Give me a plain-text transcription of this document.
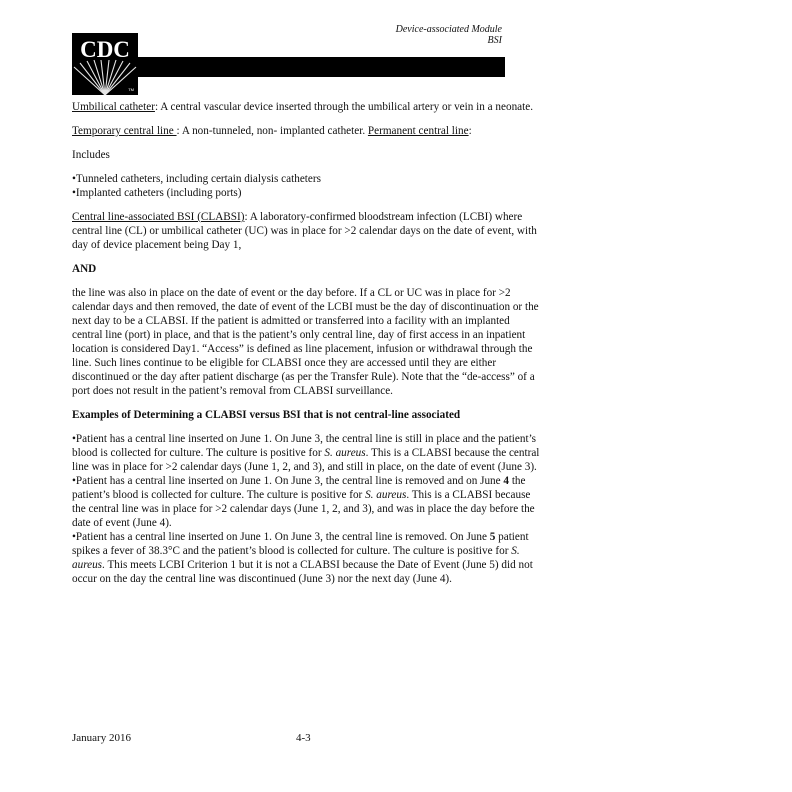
Device-associated Module
BSI
CDC
TM

Umbilical catheter: A central vascular device inserted through the umbilical artery or vein in a neonate.

Temporary central line : A non-tunneled, non- implanted catheter. Permanent central line:

Includes

•Tunneled catheters, including certain dialysis catheters
•Implanted catheters (including ports)

Central line-associated BSI (CLABSI): A laboratory-confirmed bloodstream infection (LCBI) where central line (CL) or umbilical catheter (UC) was in place for >2 calendar days on the date of event, with day of device placement being Day 1,

AND

the line was also in place on the date of event or the day before. If a CL or UC was in place for >2 calendar days and then removed, the date of event of the LCBI must be the day of discontinuation or the next day to be a CLABSI. If the patient is admitted or transferred into a facility with an implanted central line (port) in place, and that is the patient’s only central line, day of first access in an inpatient location is considered Day1. “Access” is defined as line placement, infusion or withdrawal through the line. Such lines continue to be eligible for CLABSI once they are accessed until they are either discontinued or the day after patient discharge (as per the Transfer Rule). Note that the “de-access” of a port does not result in the patient’s removal from CLABSI surveillance.

Examples of Determining a CLABSI versus BSI that is not central-line associated

•Patient has a central line inserted on June 1. On June 3, the central line is still in place and the patient’s blood is collected for culture. The culture is positive for S. aureus. This is a CLABSI because the central line was in place for >2 calendar days (June 1, 2, and 3), and still in place, on the date of event (June 3).
•Patient has a central line inserted on June 1. On June 3, the central line is removed and on June 4 the patient’s blood is collected for culture. The culture is positive for S. aureus. This is a CLABSI because the central line was in place for >2 calendar days (June 1, 2, and 3), and was in place the day before the date of event (June 4).
•Patient has a central line inserted on June 1. On June 3, the central line is removed. On June 5 patient spikes a fever of 38.3°C and the patient’s blood is collected for culture. The culture is positive for S. aureus. This meets LCBI Criterion 1 but it is not a CLABSI because the Date of Event (June 5) did not occur on the day the central line was discontinued (June 3) nor the next day (June 4).
January 2016	4-3
